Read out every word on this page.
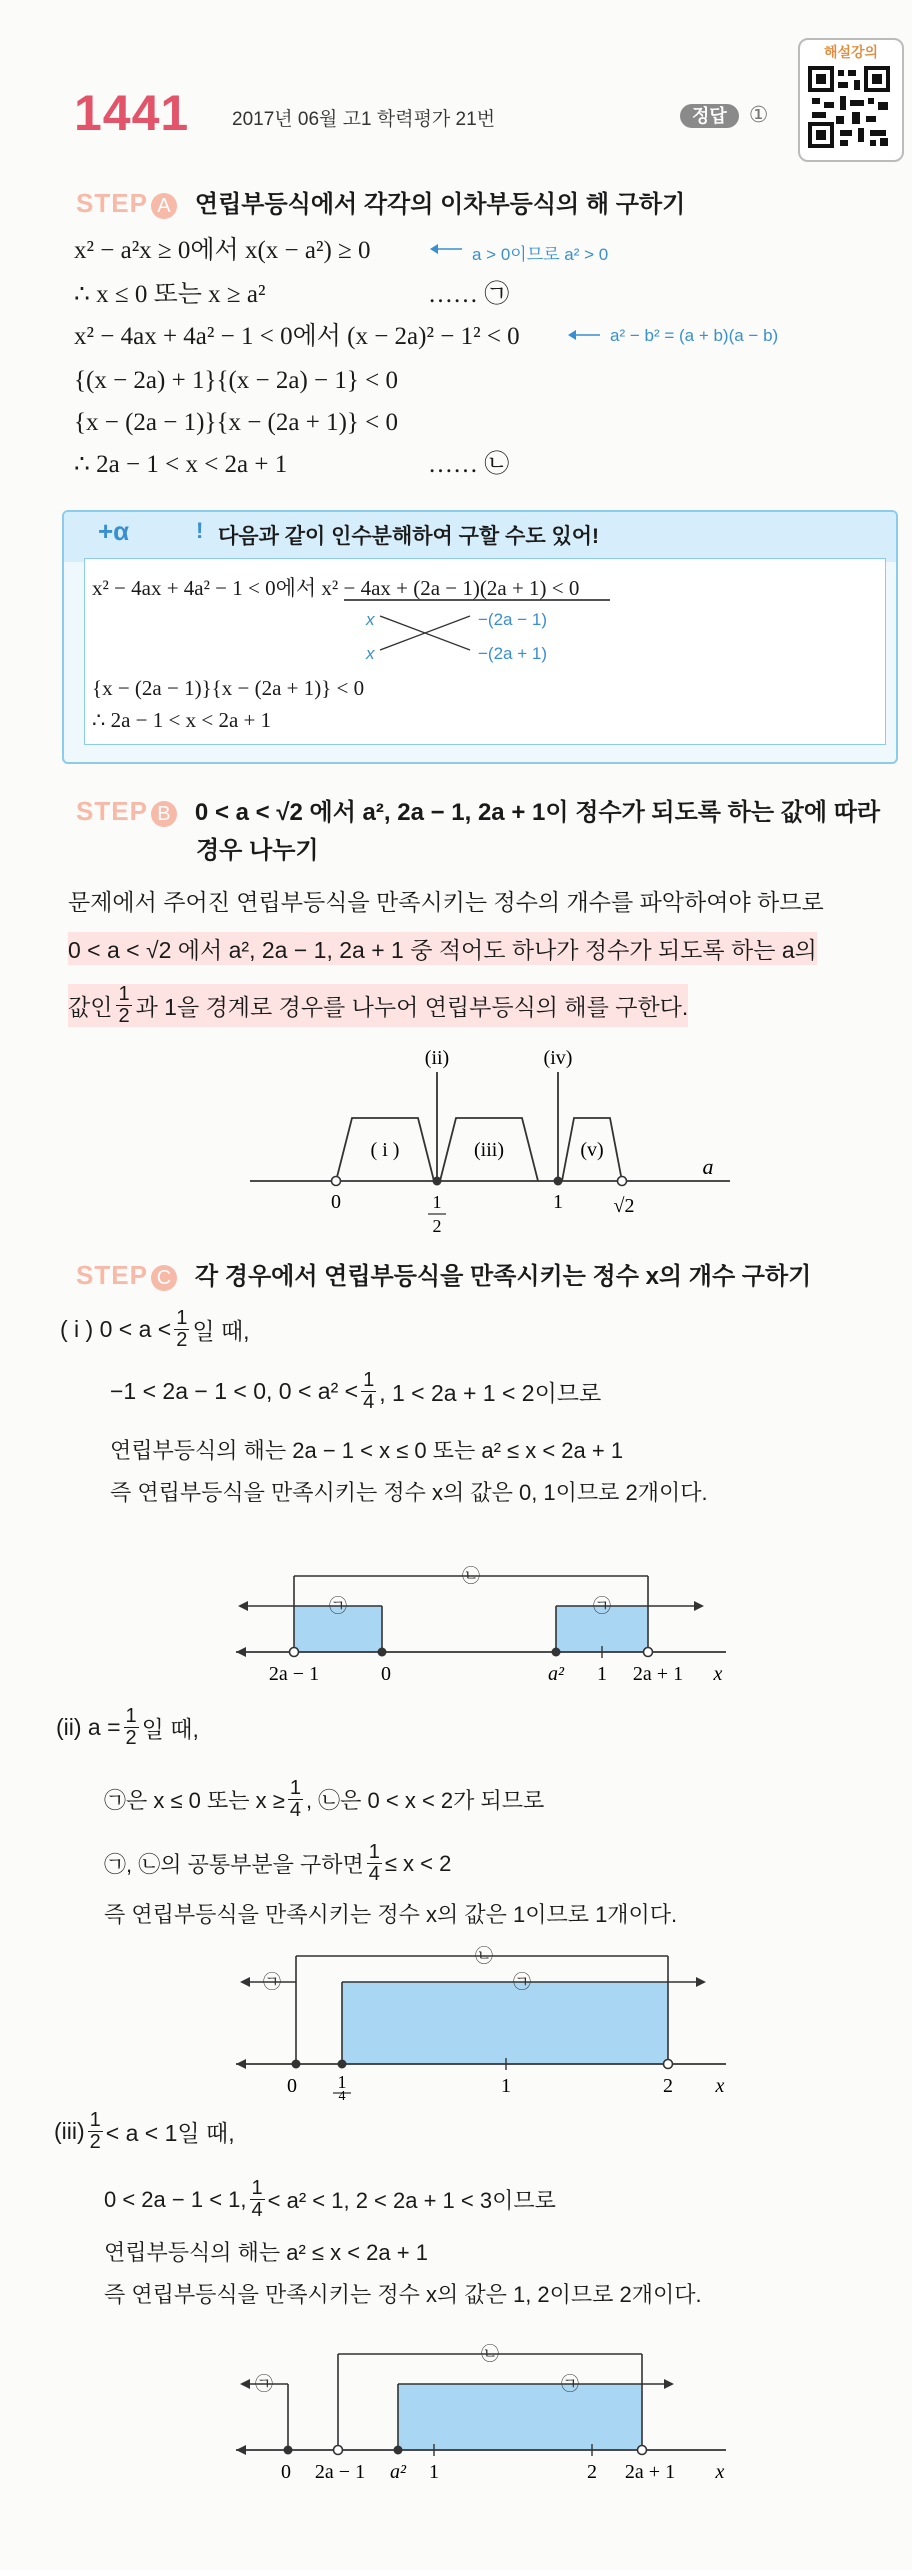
1441 2017년 06월 고1 학력평가 21번	정답 ①
해설강의
STEP A 연립부등식에서 각각의 이차부등식의 해 구하기
x² − a²x ≥ 0에서 x(x − a²) ≥ 0	a > 0이므로 a² > 0
∴ x ≤ 0 또는 x ≥ a²	…… ㉠
x² − 4ax + 4a² − 1 < 0에서 (x − 2a)² − 1² < 0	a² − b² = (a + b)(a − b)
{(x − 2a) + 1}{(x − 2a) − 1} < 0
{x − (2a − 1)}{x − (2a + 1)} < 0
∴ 2a − 1 < x < 2a + 1	…… ㉡
+α	! 다음과 같이 인수분해하여 구할 수도 있어!
x² − 4ax + 4a² − 1 < 0에서 x² − 4ax + (2a − 1)(2a + 1) < 0
x
x
−(2a − 1)
−(2a + 1)
{x − (2a − 1)}{x − (2a + 1)} < 0
∴ 2a − 1 < x < 2a + 1
STEP B 0 < a < √2 에서 a², 2a − 1, 2a + 1이 정수가 되도록 하는 값에 따라
경우 나누기
문제에서 주어진 연립부등식을 만족시키는 정수의 개수를 파악하여야 하므로
0 < a < √2 에서 a², 2a − 1, 2a + 1 중 적어도 하나가 정수가 되도록 하는 a의
값인 $\frac{1}{2}$ 과 1을 경계로 경우를 나누어 연립부등식의 해를 구한다.
(ii)	(iv)
( i )	(iii)	(v)
0	1
2
1	√2
a
STEP C 각 경우에서 연립부등식을 만족시키는 정수 x의 개수 구하기
( i ) $0 < a < \frac{1}{2}$ 일 때,
−1 < 2a − 1 < 0, $0 < a^2 < \frac{1}{4}$ , 1 < 2a + 1 < 2이므로
연립부등식의 해는 2a − 1 < x ≤ 0 또는 a² ≤ x < 2a + 1
즉 연립부등식을 만족시키는 정수 x의 값은 0, 1이므로 2개이다.
㉠	㉠
㉡
2a − 1	0	a² 1 2a + 1 x
(ii) $a = \frac{1}{2}$ 일 때,
㉠은 x ≤ 0 또는 $x \ge \frac{1}{4}$ , ㉡은 0 < x < 2가 되므로
㉠, ㉡의 공통부분을 구하면 $\frac{1}{4} \le x < 2$
즉 연립부등식을 만족시키는 정수 x의 값은 1이므로 1개이다.
㉠	㉠
㉡
0 1
4	1	2 x
$(iii) \frac{1}{2} < a < 1$일 때,
0 < 2a − 1 < 1, $\frac{1}{4} < a^2 < 1$, 2 < 2a + 1 < 3이므로
연립부등식의 해는 a² ≤ x < 2a + 1
즉 연립부등식을 만족시키는 정수 x의 값은 1, 2이므로 2개이다.
㉠	㉠
㉡
0 2a − 1 a² 1	2 2a + 1 x
